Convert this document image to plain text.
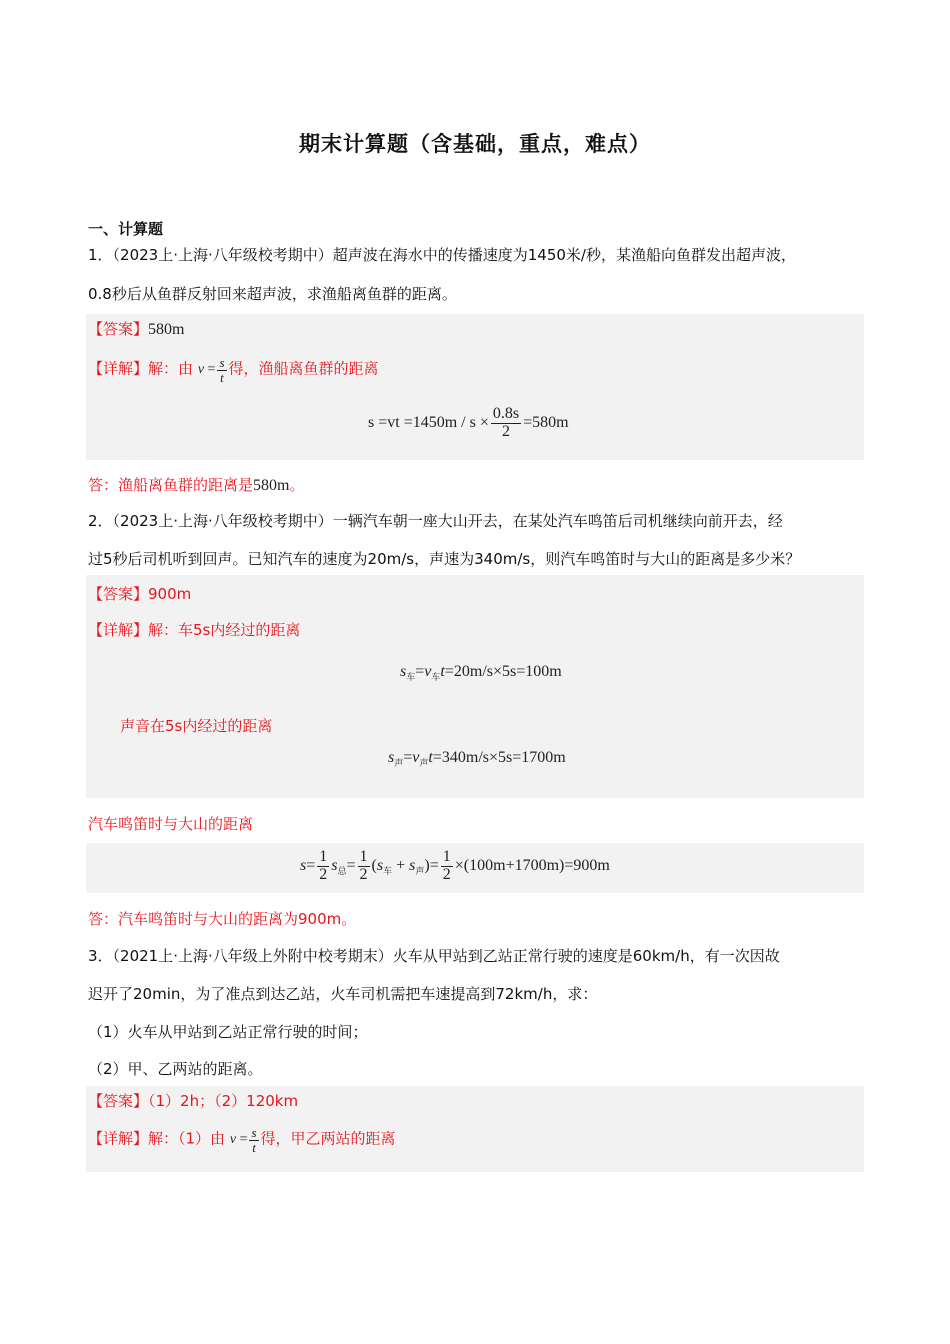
期末计算题（含基础，重点，难点）
一、计算题
1．（2023上·上海·八年级校考期中）超声波在海水中的传播速度为1450米/秒，某渔船向鱼群发出超声波，
0.8秒后从鱼群反射回来超声波，求渔船离鱼群的距离。
【答案】580m
【详解】解：由 $v = \frac{s}{t}$ 得，渔船离鱼群的距离
$s =vt =1450m / s \times \frac{0.8s}{2} =580m$
答：渔船离鱼群的距离是580m。
2．（2023上·上海·八年级校考期中）一辆汽车朝一座大山开去，在某处汽车鸣笛后司机继续向前开去，经
过5秒后司机听到回声。已知汽车的速度为20m/s，声速为340m/s，则汽车鸣笛时与大山的距离是多少米？
【答案】900m
【详解】解：车5s内经过的距离
$s_车=v_车t=20m/s\times 5s=100m$
声音在5s内经过的距离
$s_声=v_声t=340m/s\times 5s=1700m$
汽车鸣笛时与大山的距离
$s= \frac{1}{2} s_总= \frac{1}{2} (s_车 + s_声)= \frac{1}{2} \times(100m+1700m)=900m$
答：汽车鸣笛时与大山的距离为900m。
3．（2021上·上海·八年级上外附中校考期末）火车从甲站到乙站正常行驶的速度是60km/h，有一次因故
迟开了20min，为了准点到达乙站，火车司机需把车速提高到72km/h，求：
（1）火车从甲站到乙站正常行驶的时间；
（2）甲、乙两站的距离。
【答案】（1）2h；（2）120km
【详解】解：（1）由 $v = \frac{s}{t}$ 得，甲乙两站的距离
